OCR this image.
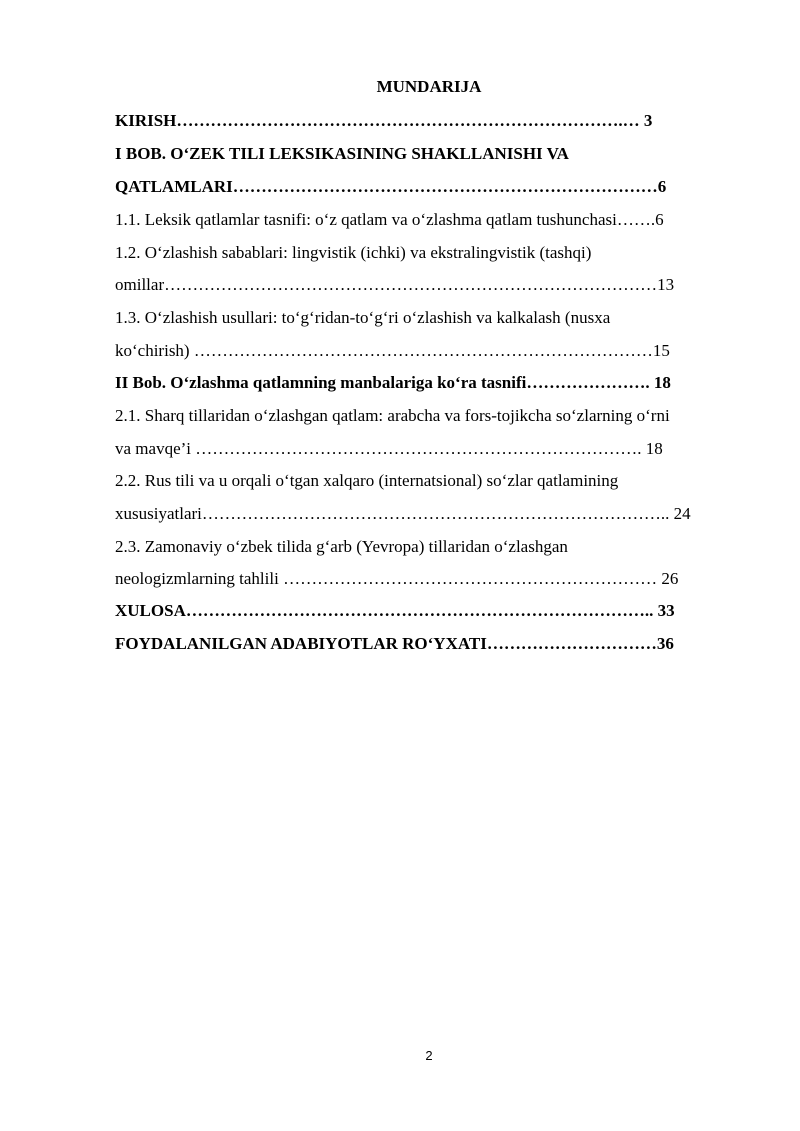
MUNDARIJA
KIRISH…………………………………………………………………….… 3
I BOB. O‘ZEK TILI LEKSIKASINING SHAKLLANISHI VA
QATLAMLARI…………………………………………………………………6
1.1. Leksik qatlamlar tasnifi: o‘z qatlam va o‘zlashma qatlam tushunchasi…….6
1.2. O‘zlashish sabablari: lingvistik (ichki) va ekstralingvistik (tashqi)
omillar……………………………………………………………………………13
1.3. O‘zlashish usullari: to‘g‘ridan-to‘g‘ri o‘zlashish va kalkalash (nusxa
ko‘chirish) ………………………………………………………………………15
II Bob. O‘zlashma qatlamning manbalariga ko‘ra tasnifi…………………. 18
2.1. Sharq tillaridan o‘zlashgan qatlam: arabcha va fors-tojikcha so‘zlarning o‘rni
va mavqe’i ……………………………………………………………………. 18
2.2. Rus tili va u orqali o‘tgan xalqaro (internatsional) so‘zlar qatlamining
xususiyatlari……………………………………………………………………….. 24
2.3. Zamonaviy o‘zbek tilida g‘arb (Yevropa) tillaridan o‘zlashgan
neologizmlarning tahlili ………………………………………………………… 26
XULOSA……………………………………………………………………….. 33
FOYDALANILGAN ADABIYOTLAR RO‘YXATI…………………………36
2
